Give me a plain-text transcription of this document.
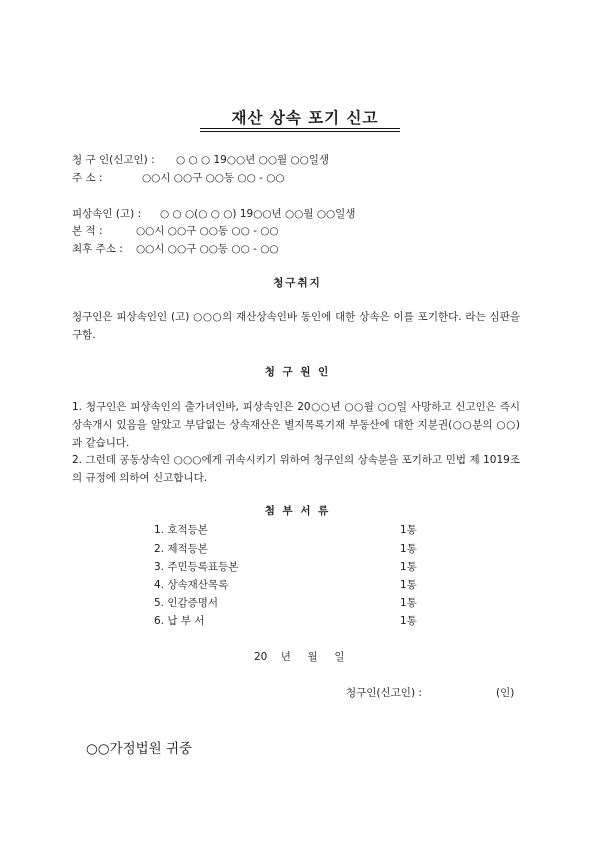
재산 상속 포기 신고
청 구 인(신고인) : ○ ○ ○ 19○○년 ○○월 ○○일생
주 소 :	○○시 ○○구 ○○동 ○○ - ○○
피상속인 (고) : ○ ○ ○(○ ○ ○) 19○○년 ○○월 ○○일생
본 적 :	○○시 ○○구 ○○동 ○○ - ○○
최후 주소 : ○○시 ○○구 ○○동 ○○ - ○○
청구취지
청구인은 피상속인인 (고) ○○○의 재산상속인바 동인에 대한 상속은 이를 포기한다. 라는 심판을 구함.
청 구 원 인
1. 청구인은 피상속인의 출가녀인바, 피상속인은 20○○년 ○○월 ○○일 사망하고 신고인은 즉시 상속개시 있음을 알았고 부담없는 상속재산은 별지목록기재 부동산에 대한 지분권(○○분의 ○○)과 같습니다.
2. 그런데 공동상속인 ○○○에게 귀속시키기 위하여 청구인의 상속분을 포기하고 민법 제 1019조의 규정에 의하여 신고합니다.
첨 부 서 류
1. 호적등본	1통
2. 제적등본	1통
3. 주민등록표등본	1통
4. 상속재산목록	1통
5. 인감증명서	1통
6. 납 부 서	1통
20    년     월     일
청구인(신고인) :	(인)
○○가정법원 귀중
